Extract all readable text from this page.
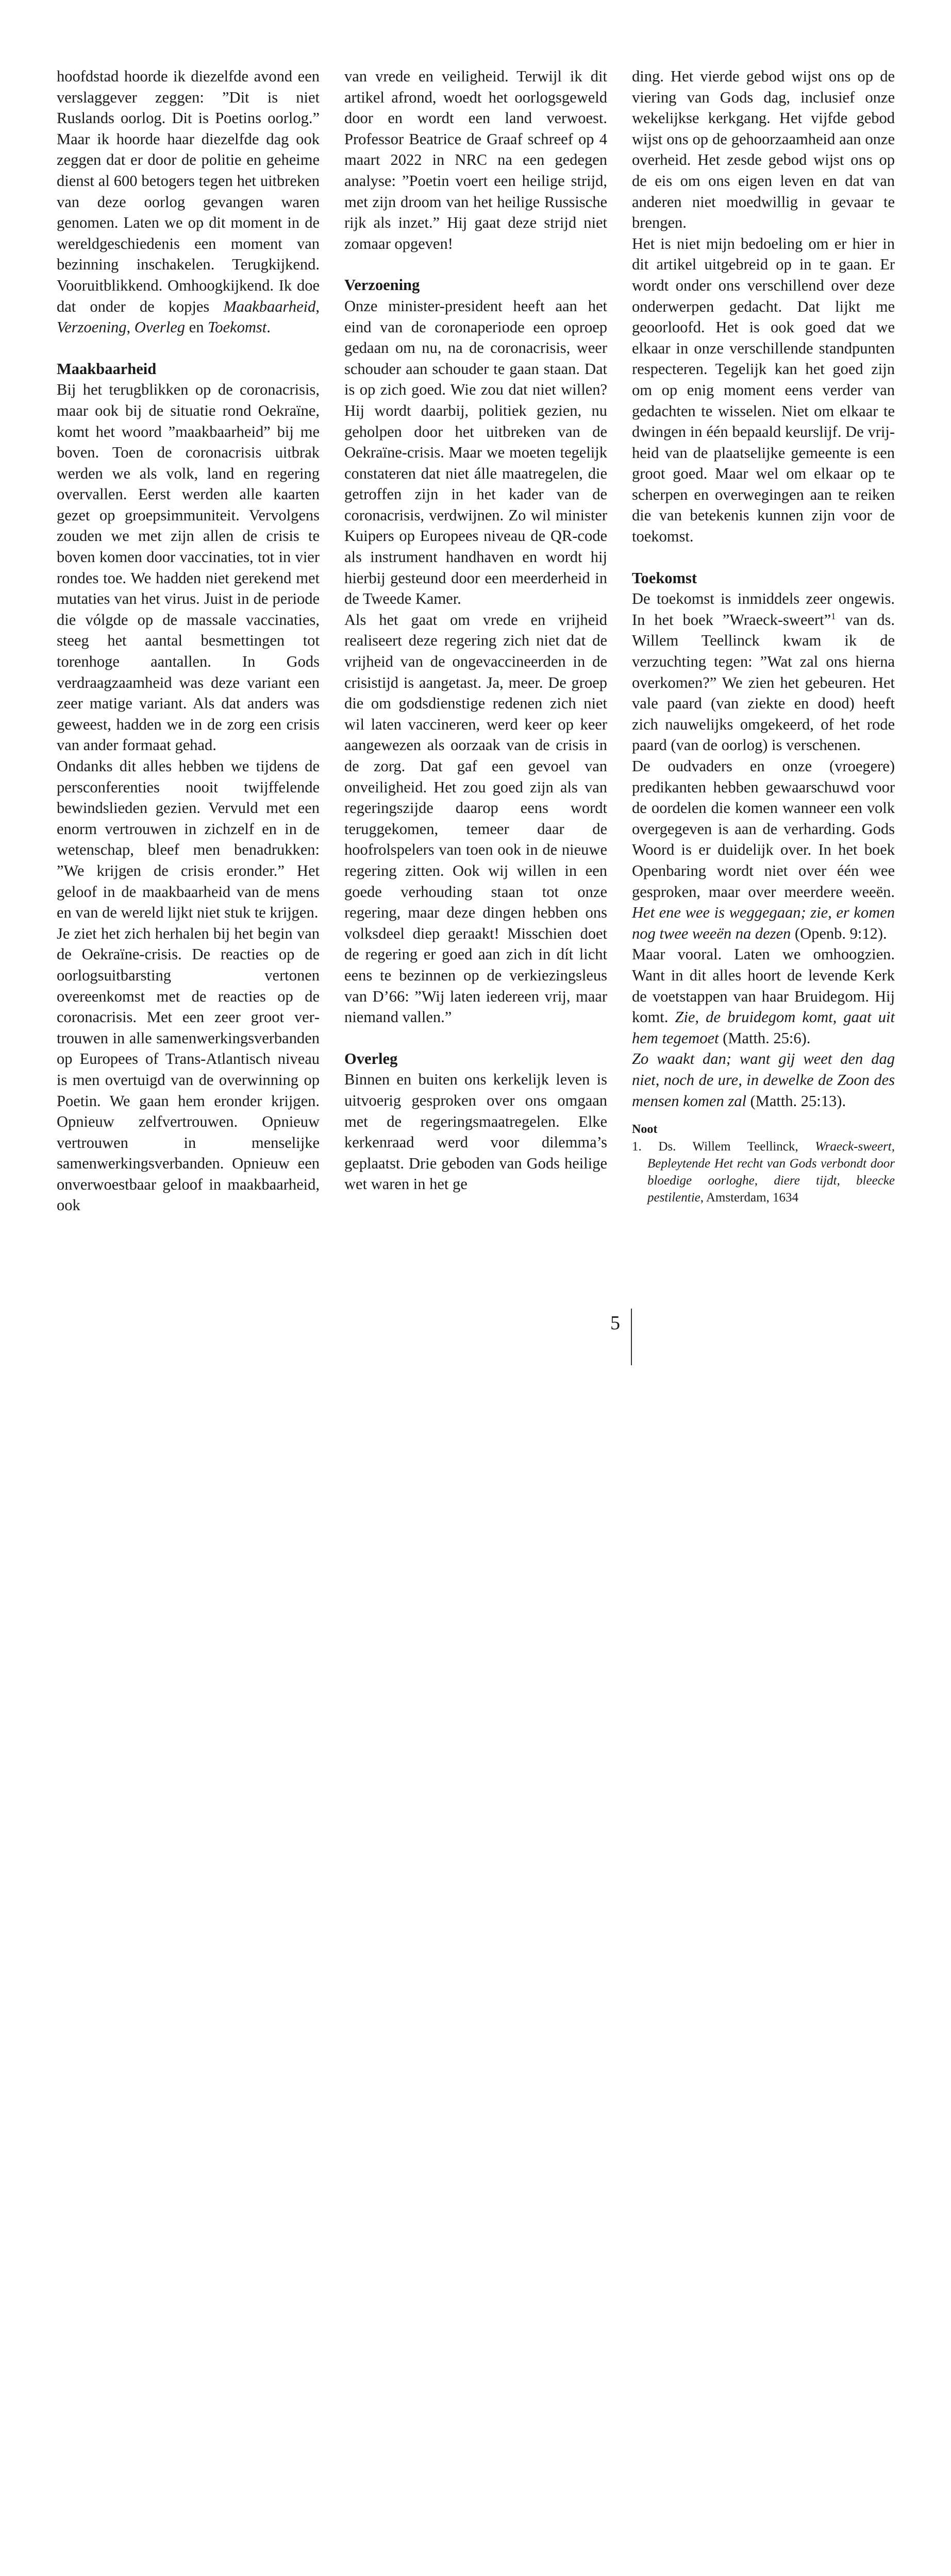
hoofdstad hoorde ik diezelfde avond een verslaggever zeggen: ”Dit is niet Ruslands oorlog. Dit is Poetins oorlog.” Maar ik hoorde haar diezelfde dag ook zeggen dat er door de politie en geheime dienst al 600 betogers tegen het uitbreken van deze oorlog gevangen waren genomen. Laten we op dit moment in de wereldgeschiedenis een moment van bezinning inschakelen. Terugkijkend. Vooruitblikkend. Omhoogkijkend. Ik doe dat onder de kopjes Maakbaarheid, Verzoening, Overleg en Toekomst.

Maakbaarheid

Bij het terugblikken op de coronacrisis, maar ook bij de situatie rond Oekraïne, komt het woord ”maakbaarheid” bij me boven. Toen de coronacrisis uitbrak werden we als volk, land en regering overvallen. Eerst werden alle kaarten gezet op groepsimmuniteit. Vervolgens zouden we met zijn allen de crisis te boven komen door vaccinaties, tot in vier rondes toe. We hadden niet gerekend met mutaties van het virus. Juist in de periode die vólgde op de massale vaccinaties, steeg het aantal besmettingen tot torenhoge aantallen. In Gods verdraagzaamheid was deze variant een zeer matige variant. Als dat anders was geweest, hadden we in de zorg een crisis van ander formaat gehad.

Ondanks dit alles hebben we tijdens de persconferenties nooit twijffelende bewindslieden gezien. Vervuld met een enorm vertrouwen in zichzelf en in de wetenschap, bleef men benadrukken: ”We krijgen de crisis eronder.” Het geloof in de maakbaarheid van de mens en van de wereld lijkt niet stuk te krijgen.

Je ziet het zich herhalen bij het begin van de Oekraïne-crisis. De reacties op de oorlogsuitbarsting vertonen overeenkomst met de reacties op de coronacrisis. Met een zeer groot vertrouwen in alle samenwerkingsverbanden op Europees of Trans-Atlantisch niveau is men overtuigd van de overwinning op Poetin. We gaan hem eronder krijgen. Opnieuw zelfvertrouwen. Opnieuw vertrouwen in menselijke samenwerkingsverbanden. Opnieuw een onverwoestbaar geloof in maakbaarheid, ook

van vrede en veiligheid. Terwijl ik dit artikel afrond, woedt het oorlogsgeweld door en wordt een land verwoest. Professor Beatrice de Graaf schreef op 4 maart 2022 in NRC na een gedegen analyse: ”Poetin voert een heilige strijd, met zijn droom van het heilige Russische rijk als inzet.” Hij gaat deze strijd niet zomaar opgeven!

Verzoening

Onze minister-president heeft aan het eind van de coronaperiode een oproep gedaan om nu, na de coronacrisis, weer schouder aan schouder te gaan staan. Dat is op zich goed. Wie zou dat niet willen? Hij wordt daarbij, politiek gezien, nu geholpen door het uitbreken van de Oekraïne-crisis. Maar we moeten tegelijk constateren dat niet álle maatregelen, die getroffen zijn in het kader van de coronacrisis, verdwijnen. Zo wil minister Kuipers op Europees niveau de QR-code als instrument handhaven en wordt hij hierbij gesteund door een meerderheid in de Tweede Kamer.

Als het gaat om vrede en vrijheid realiseert deze regering zich niet dat de vrijheid van de ongevaccineerden in de crisistijd is aangetast. Ja, meer. De groep die om godsdienstige redenen zich niet wil laten vaccineren, werd keer op keer aangewezen als oorzaak van de crisis in de zorg. Dat gaf een gevoel van onveiligheid. Het zou goed zijn als van regeringszijde daarop eens wordt teruggekomen, temeer daar de hoofrolspelers van toen ook in de nieuwe regering zitten. Ook wij willen in een goede verhouding staan tot onze regering, maar deze dingen hebben ons volksdeel diep geraakt! Misschien doet de regering er goed aan zich in dít licht eens te bezinnen op de verkiezingsleus van D’66: ”Wij laten iedereen vrij, maar niemand vallen.”

Overleg

Binnen en buiten ons kerkelijk leven is uitvoerig gesproken over ons omgaan met de regeringsmaatregelen. Elke kerkenraad werd voor dilemma’s geplaatst. Drie geboden van Gods heilige wet waren in het ge

ding. Het vierde gebod wijst ons op de viering van Gods dag, inclusief onze wekelijkse kerkgang. Het vijfde gebod wijst ons op de gehoorzaamheid aan onze overheid. Het zesde gebod wijst ons op de eis om ons eigen leven en dat van anderen niet moedwillig in gevaar te brengen.

Het is niet mijn bedoeling om er hier in dit artikel uitgebreid op in te gaan. Er wordt onder ons verschillend over deze onderwerpen gedacht. Dat lijkt me geoorloofd. Het is ook goed dat we elkaar in onze verschillende standpunten respecteren. Tegelijk kan het goed zijn om op enig moment eens verder van gedachten te wisselen. Niet om elkaar te dwingen in één bepaald keurslijf. De vrijheid van de plaatselijke gemeente is een groot goed. Maar wel om elkaar op te scherpen en overwegingen aan te reiken die van betekenis kunnen zijn voor de toekomst.

Toekomst

De toekomst is inmiddels zeer ongewis. In het boek ”Wraeck-sweert”$^1$ van ds. Willem Teellinck kwam ik de verzuchting tegen: ”Wat zal ons hierna overkomen?” We zien het gebeuren. Het vale paard (van ziekte en dood) heeft zich nauwelijks omgekeerd, of het rode paard (van de oorlog) is verschenen.

De oudvaders en onze (vroegere) predikanten hebben gewaarschuwd voor de oordelen die komen wanneer een volk overgegeven is aan de verharding. Gods Woord is er duidelijk over. In het boek Openbaring wordt niet over één wee gesproken, maar over meerdere weeën. Het ene wee is weggegaan; zie, er komen nog twee weeën na dezen (Openb. 9:12).

Maar vooral. Laten we omhoogzien. Want in dit alles hoort de levende Kerk de voetstappen van haar Bruidegom. Hij komt. Zie, de bruidegom komt, gaat uit hem tegemoet (Matth. 25:6).

Zo waakt dan; want gij weet den dag niet, noch de ure, in dewelke de Zoon des mensen komen zal (Matth. 25:13).

Noot

1. Ds. Willem Teellinck, Wraeck-sweert, Bepleytende Het recht van Gods verbondt door bloedige oorloghe, diere tijdt, bleecke pestilentie, Amsterdam, 1634

5
